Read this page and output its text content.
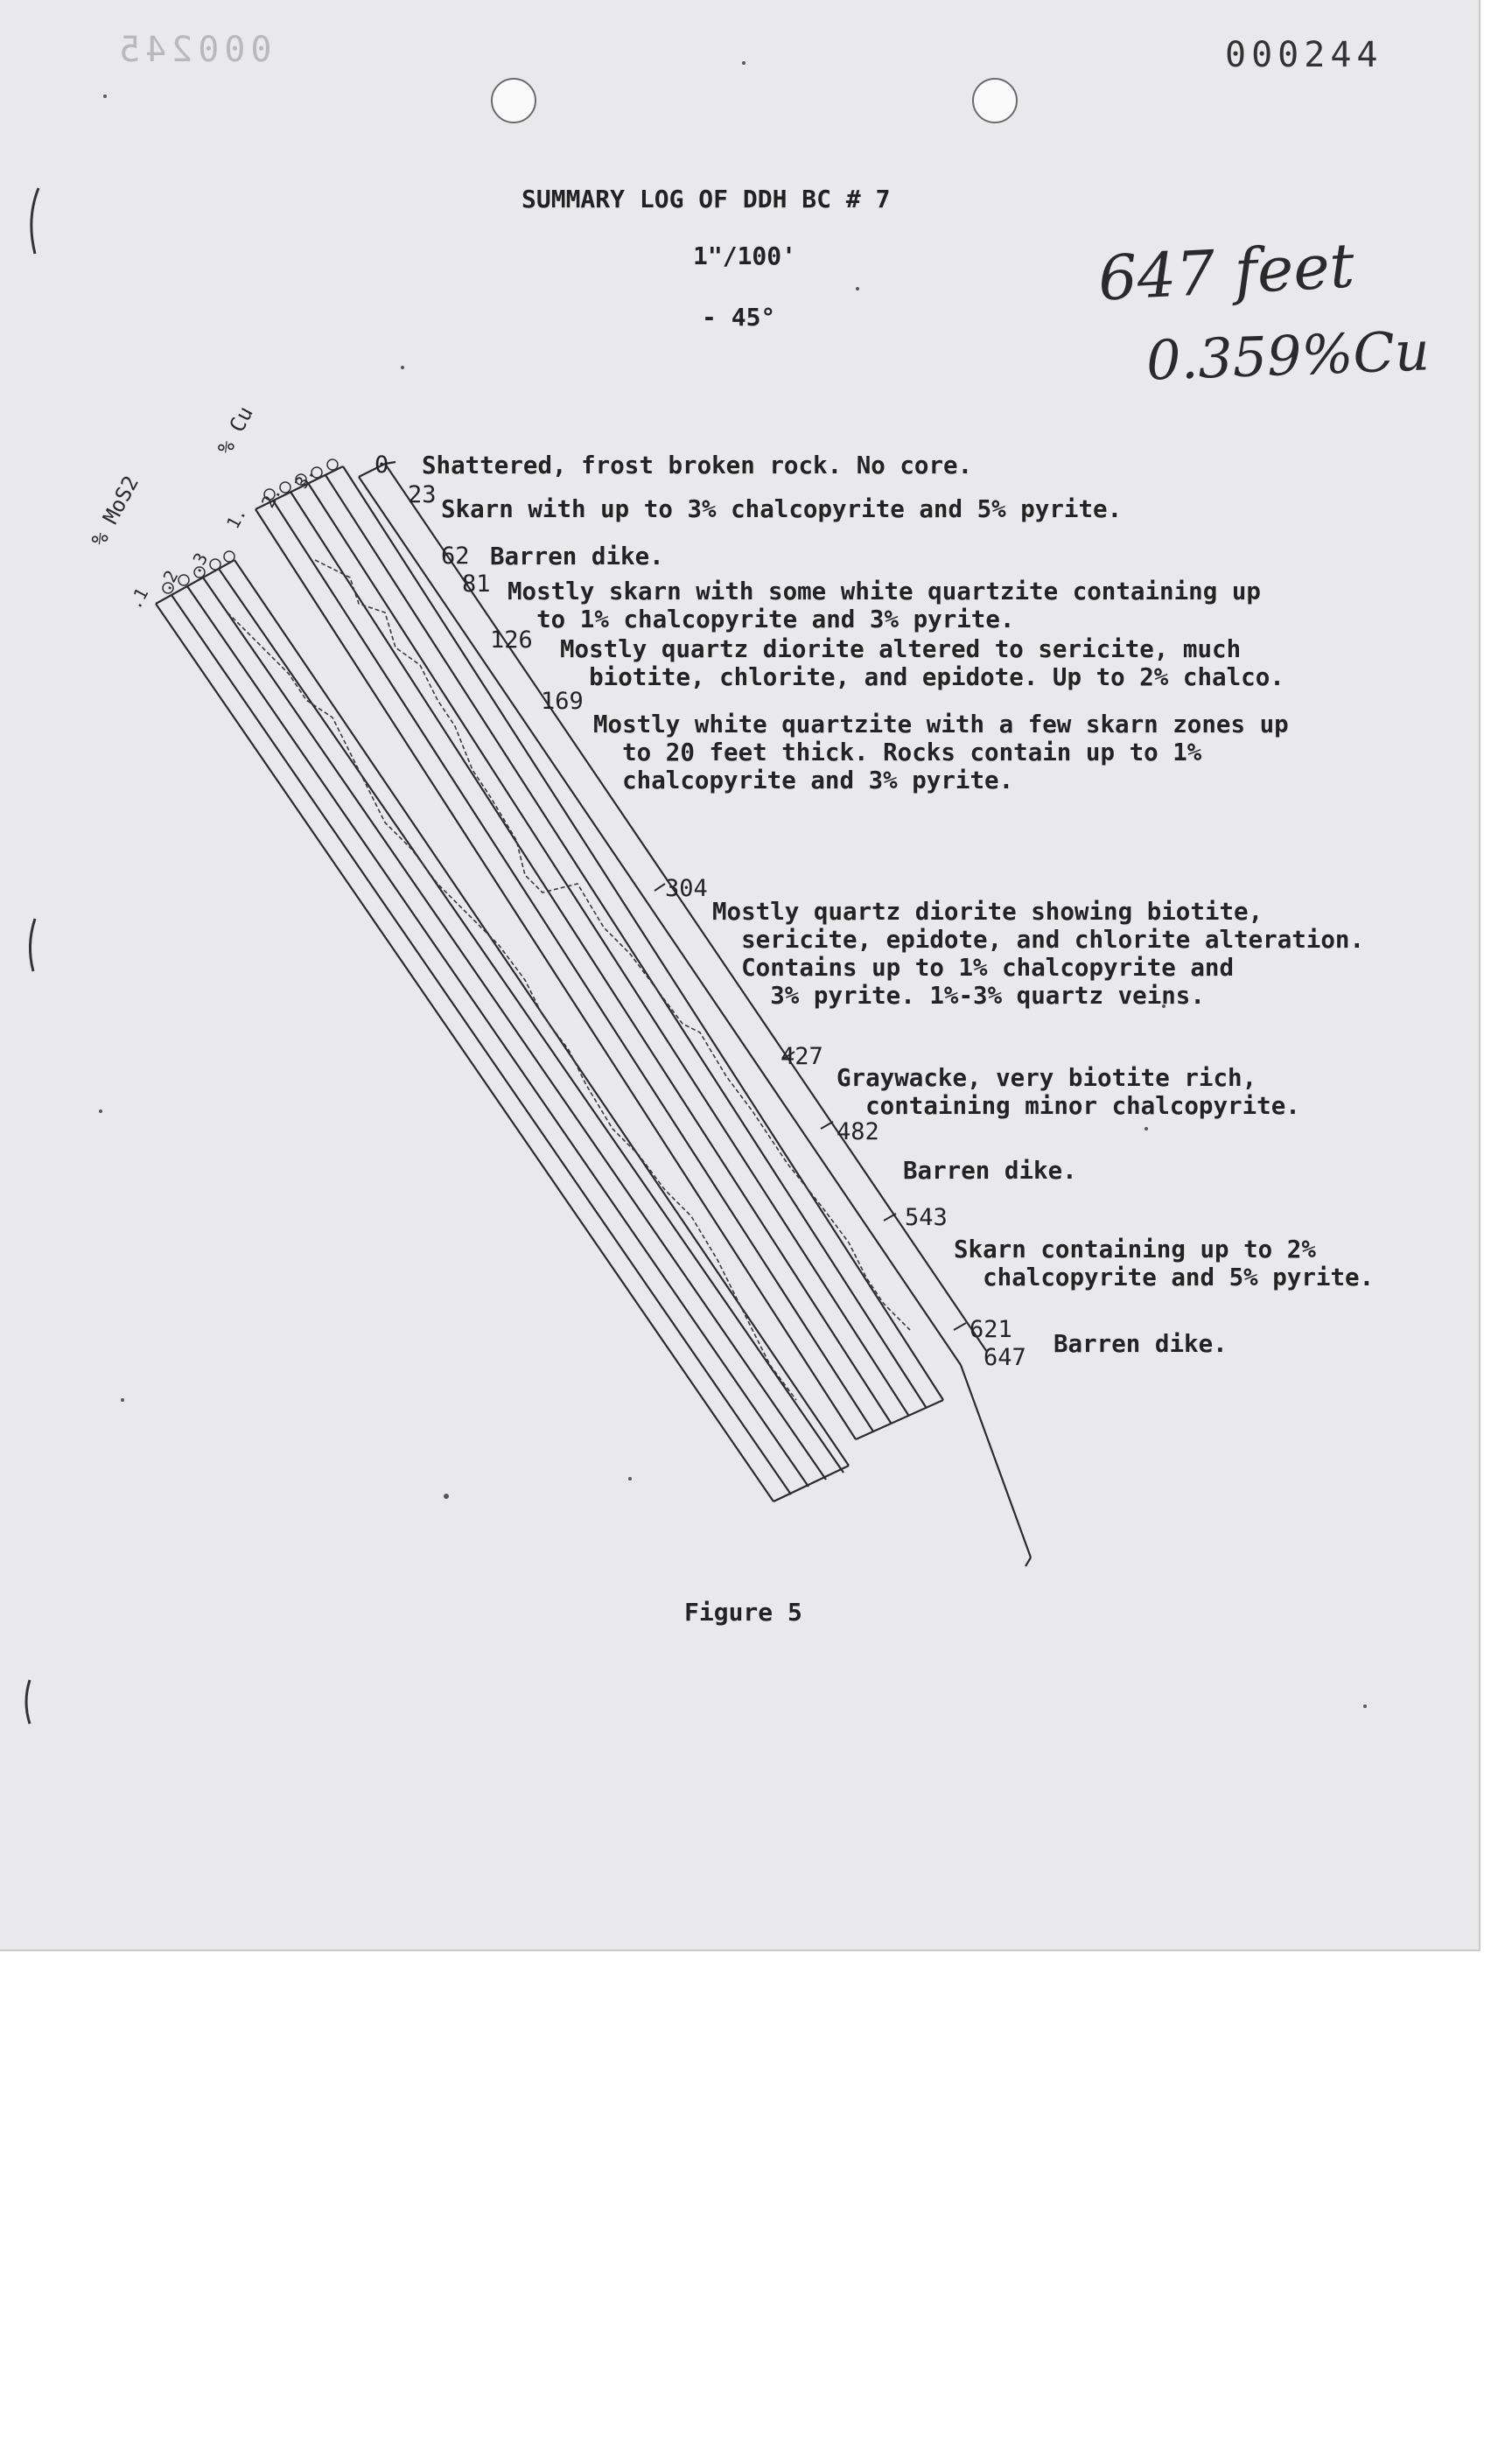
000245	000244
SUMMARY LOG OF DDH BC # 7
1"/100'
- 45°
647 feet
0.359%Cu
% Cu
% MoS2	1.
2.
3.
.1
.2
.3
0 Shattered, frost broken rock. No core.
23
Skarn with up to 3% chalcopyrite and 5% pyrite.
62 Barren dike.
81 Mostly skarn with some white quartzite containing up
to 1% chalcopyrite and 3% pyrite.
126 Mostly quartz diorite altered to sericite, much
biotite, chlorite, and epidote. Up to 2% chalco.
169
Mostly white quartzite with a few skarn zones up
to 20 feet thick. Rocks contain up to 1%
chalcopyrite and 3% pyrite.
304
Mostly quartz diorite showing biotite,
sericite, epidote, and chlorite alteration.
Contains up to 1% chalcopyrite and
3% pyrite. 1%-3% quartz veins.
427
Graywacke, very biotite rich,
containing minor chalcopyrite.
482
Barren dike.
543
Skarn containing up to 2%
chalcopyrite and 5% pyrite.
621
647 Barren dike.
Figure 5
